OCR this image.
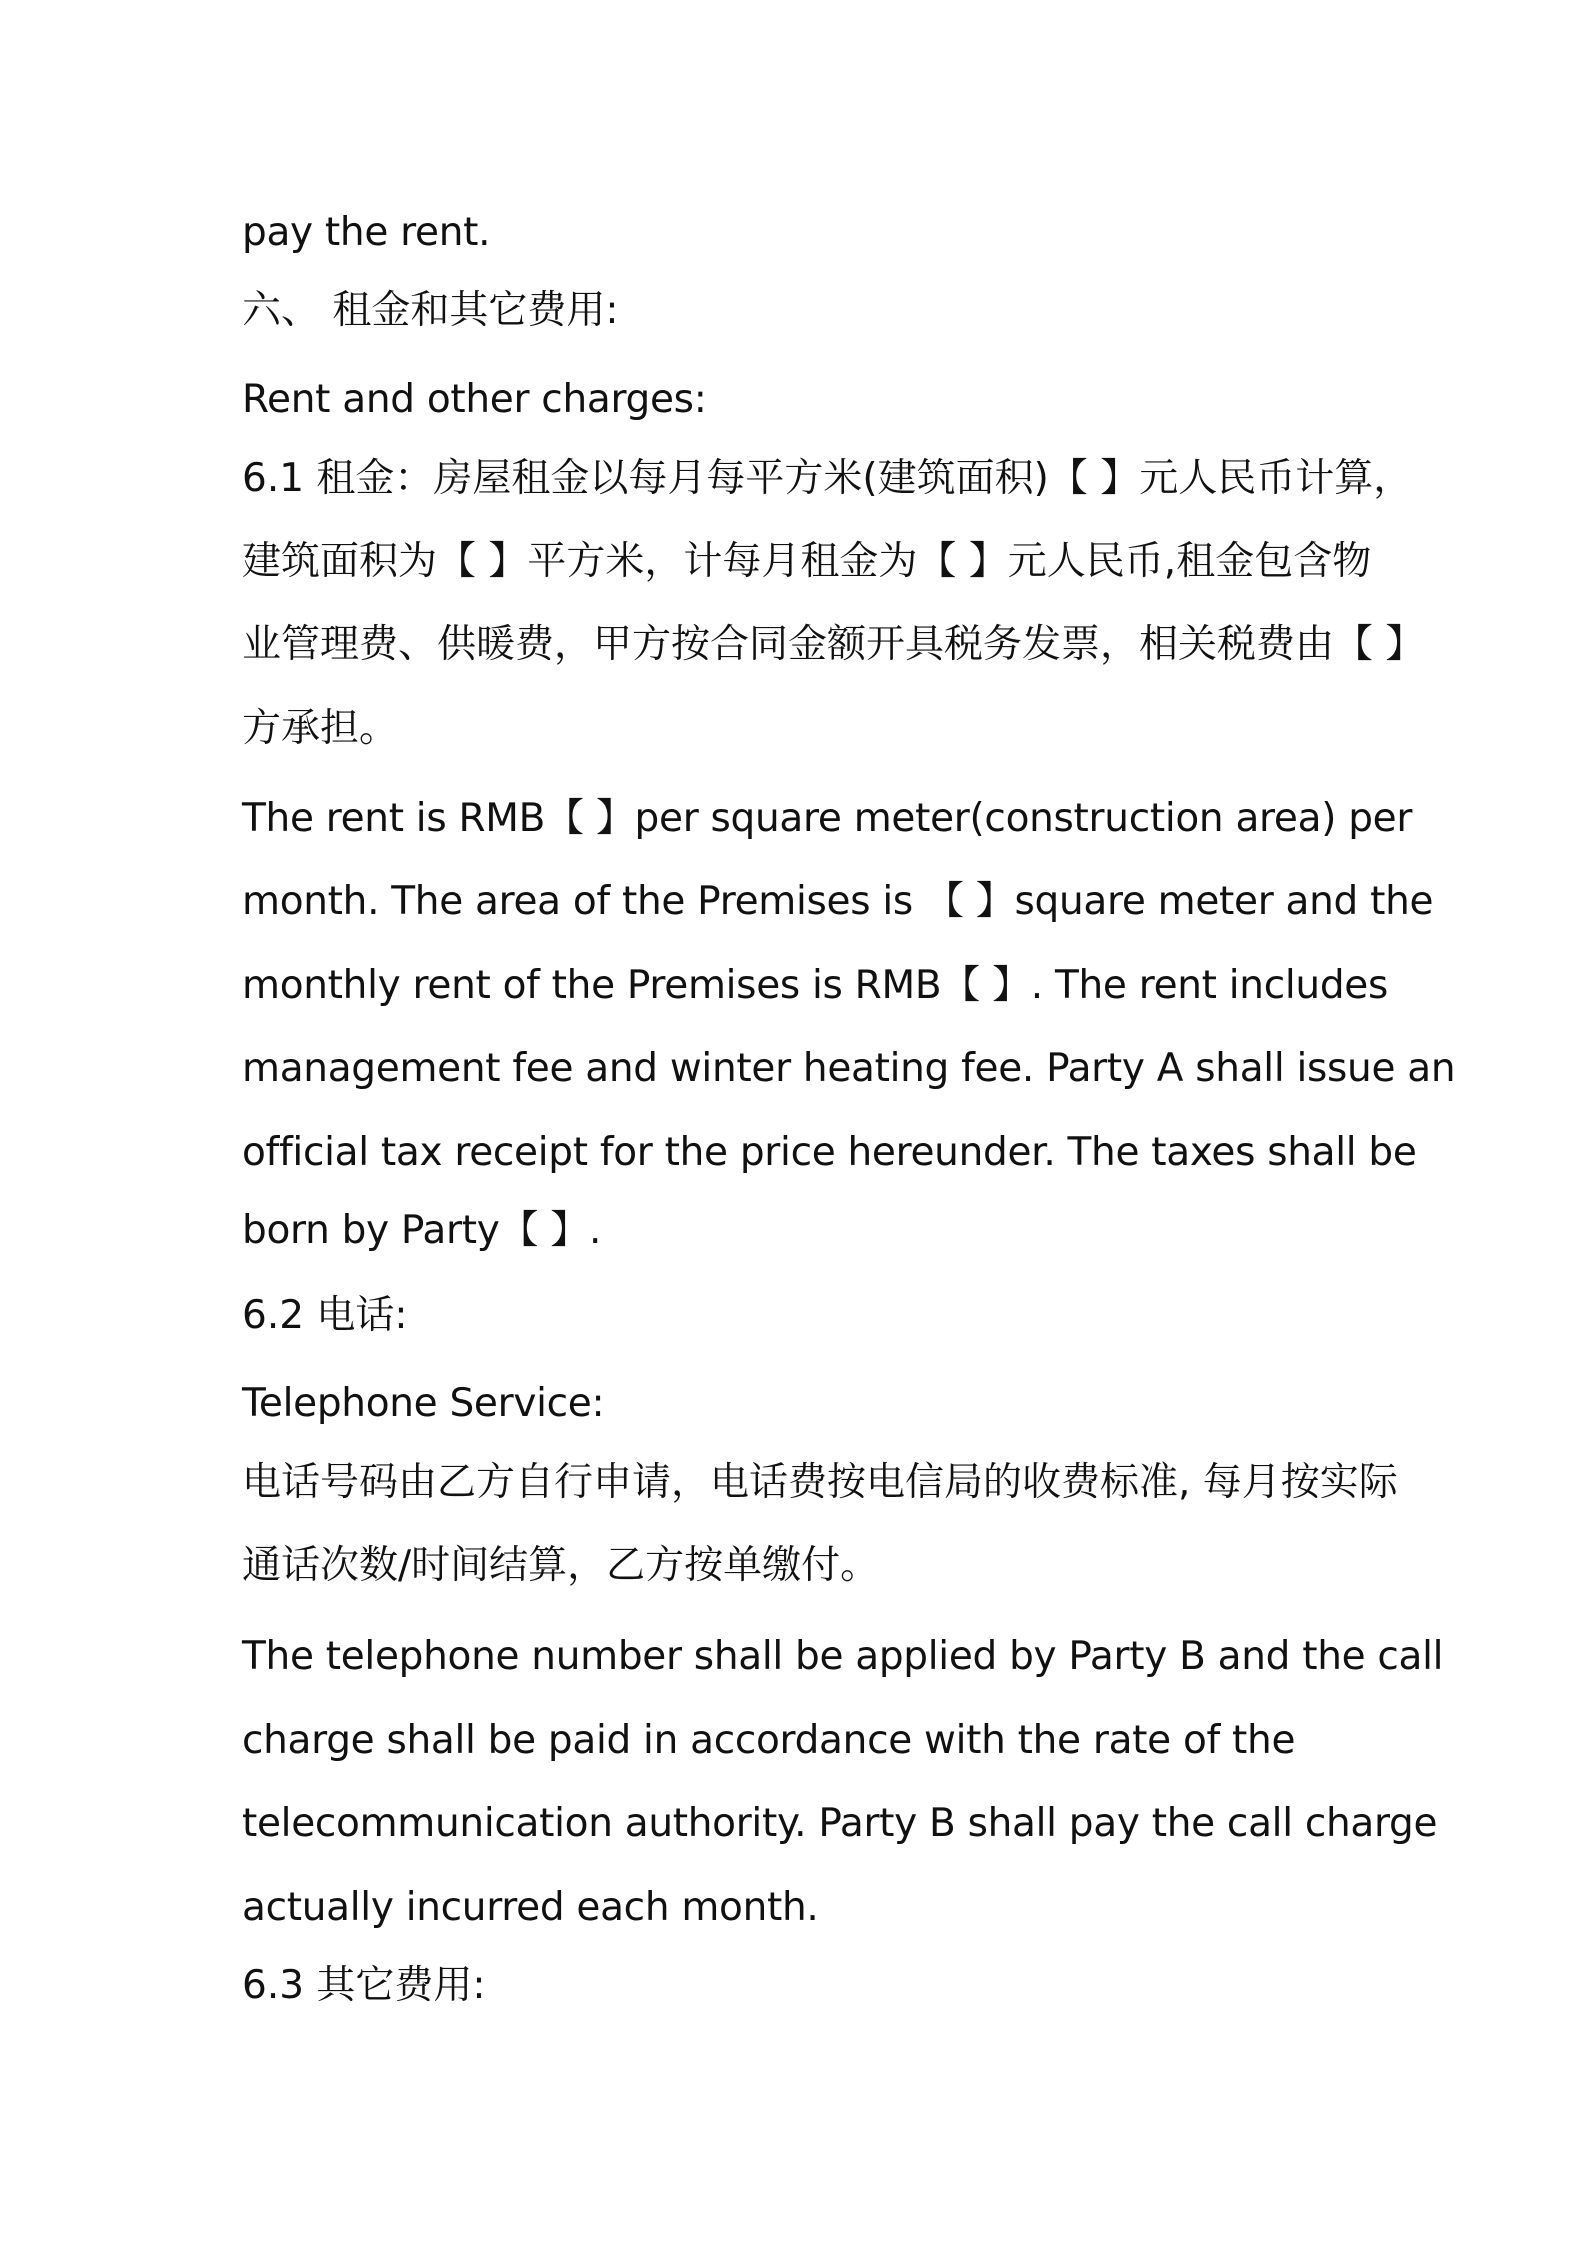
pay the rent.
六、 租金和其它费用:
Rent and other charges:
6.1 租金：房屋租金以每月每平方米(建筑面积)【 】元人民币计算，
建筑面积为【 】平方米，计每月租金为【 】元人民币,租金包含物
业管理费、供暖费，甲方按合同金额开具税务发票，相关税费由【 】
方承担。
The rent is RMB【 】per square meter(construction area) per
month. The area of the Premises is 【 】square meter and the
monthly rent of the Premises is RMB【 】. The rent includes
management fee and winter heating fee. Party A shall issue an
official tax receipt for the price hereunder. The taxes shall be
born by Party【 】.
6.2 电话:
Telephone Service:
电话号码由乙方自行申请，电话费按电信局的收费标准, 每月按实际
通话次数/时间结算，乙方按单缴付。
The telephone number shall be applied by Party B and the call
charge shall be paid in accordance with the rate of the
telecommunication authority. Party B shall pay the call charge
actually incurred each month.
6.3 其它费用:
